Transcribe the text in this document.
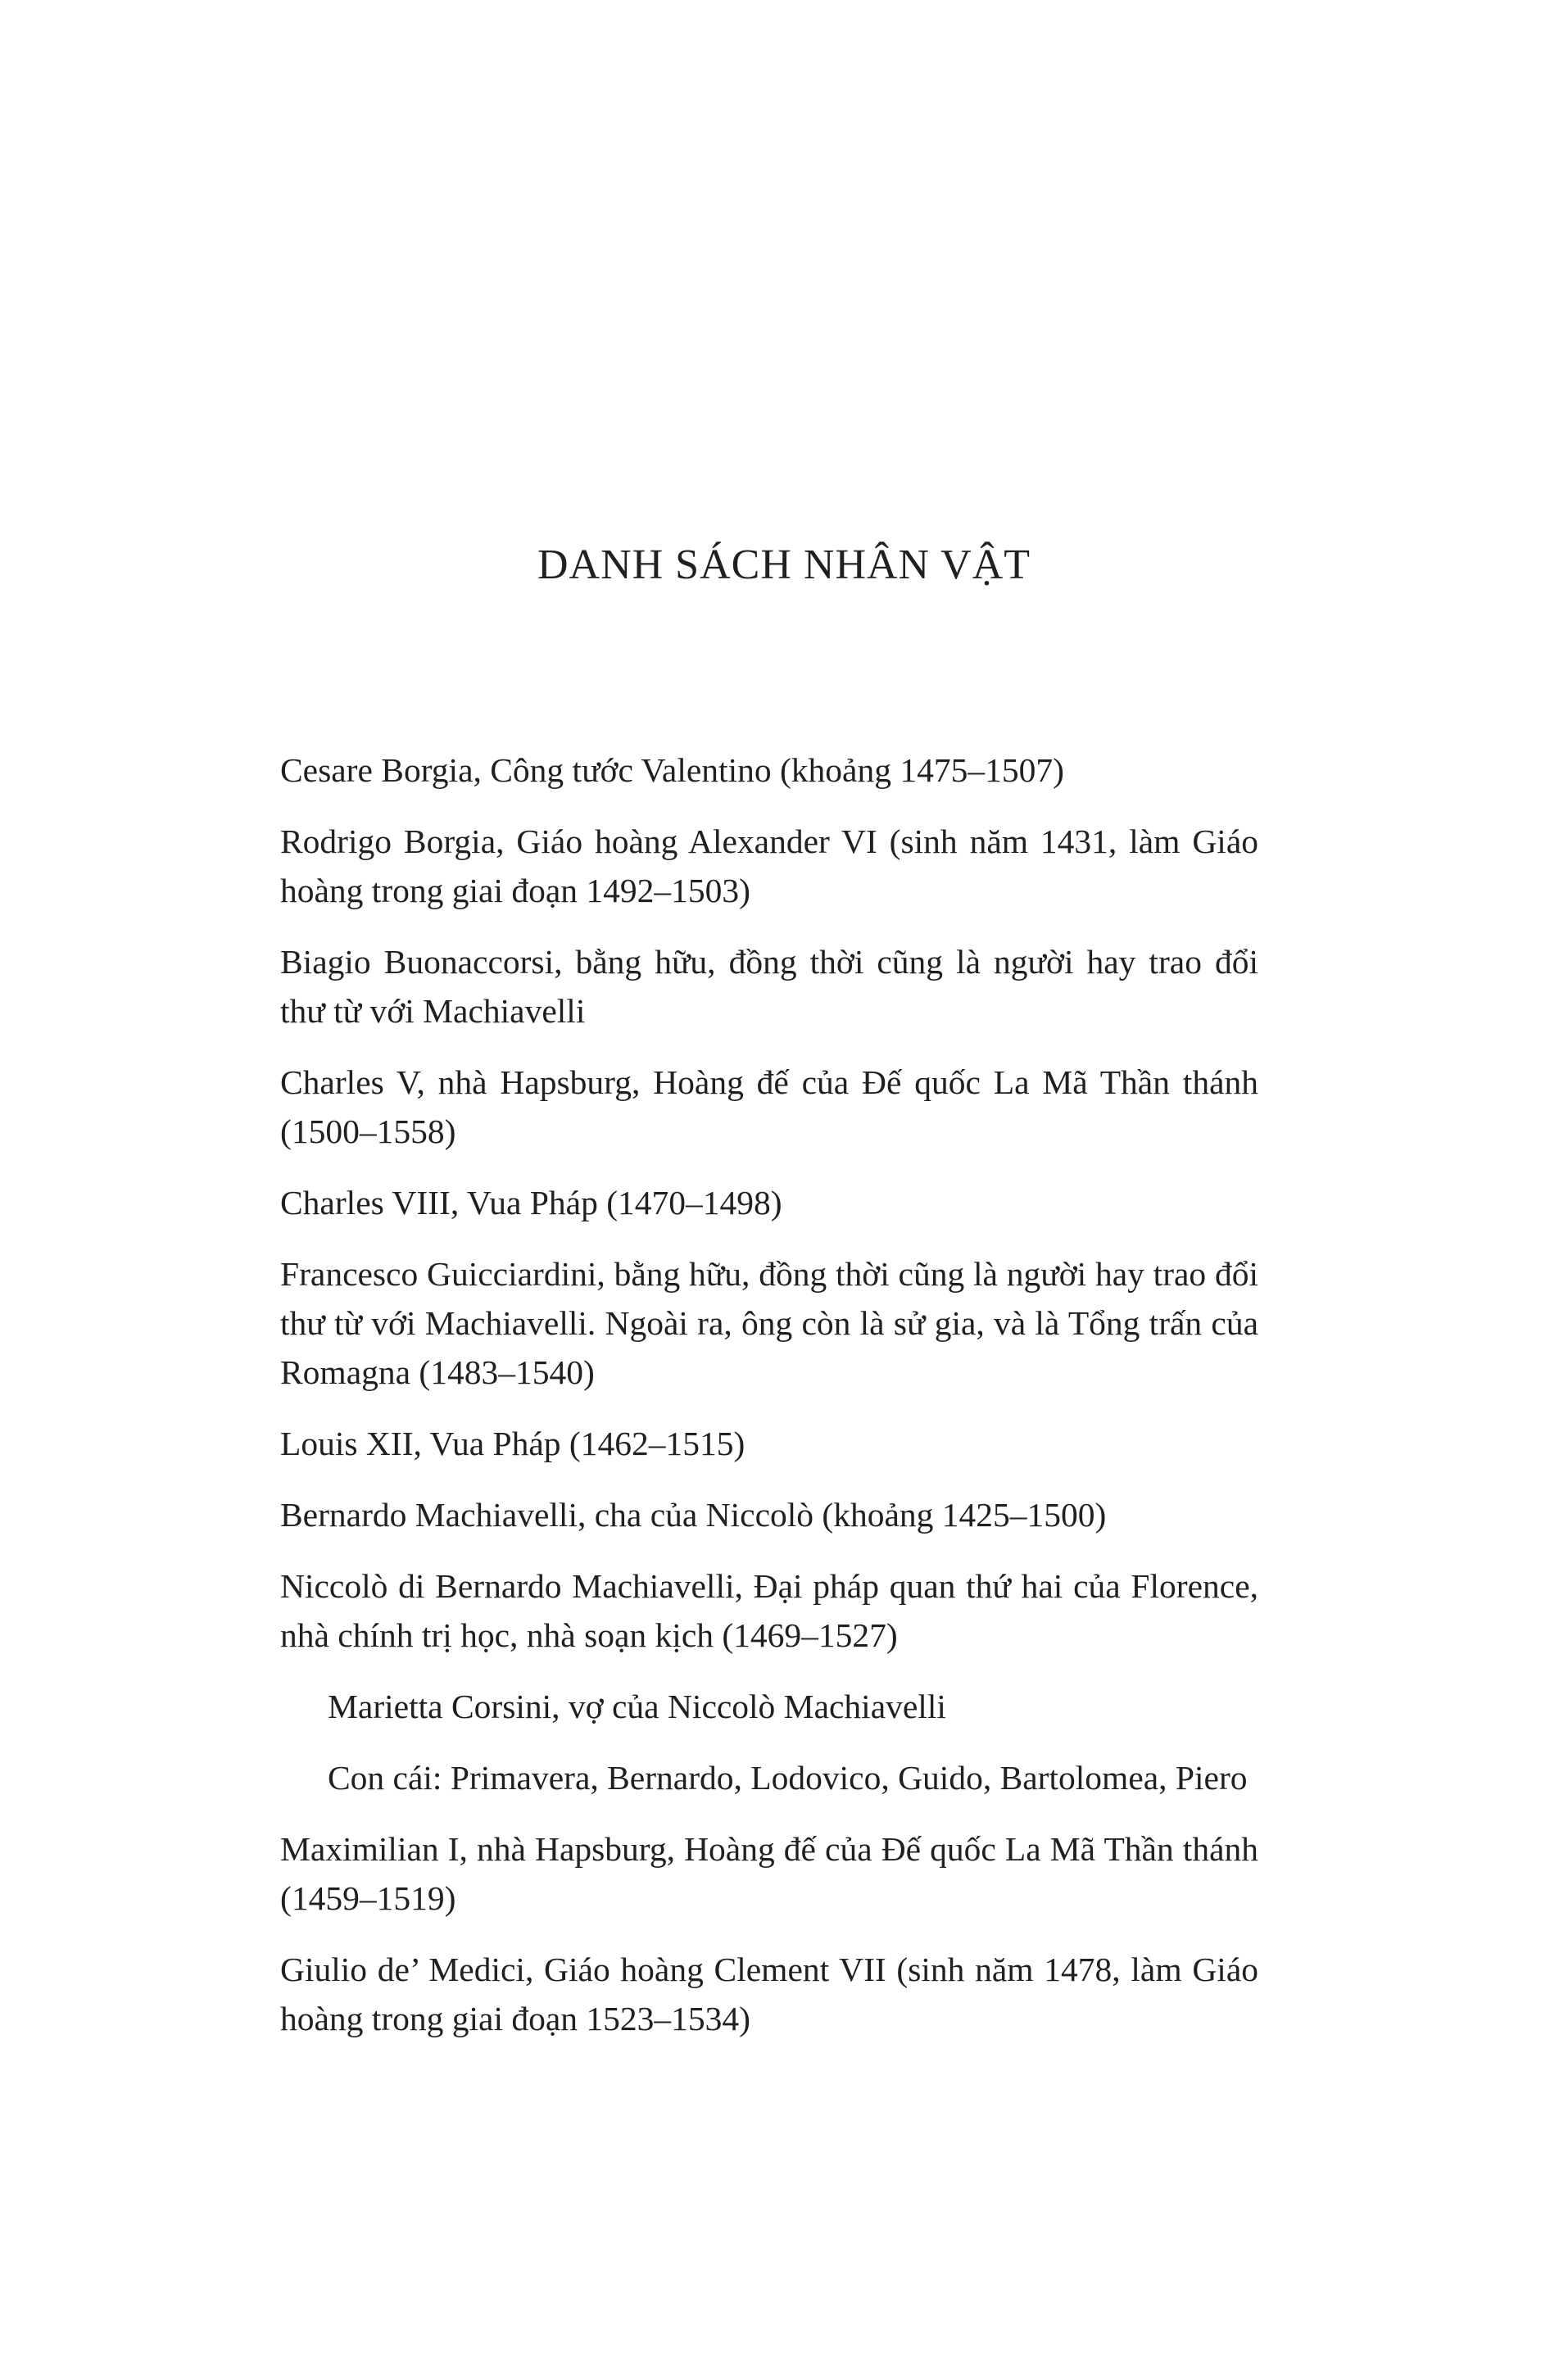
DANH SÁCH NHÂN VẬT

Cesare Borgia, Công tước Valentino (khoảng 1475–1507)

Rodrigo Borgia, Giáo hoàng Alexander VI (sinh năm 1431, làm Giáo hoàng trong giai đoạn 1492–1503)

Biagio Buonaccorsi, bằng hữu, đồng thời cũng là người hay trao đổi thư từ với Machiavelli

Charles V, nhà Hapsburg, Hoàng đế của Đế quốc La Mã Thần thánh (1500–1558)

Charles VIII, Vua Pháp (1470–1498)

Francesco Guicciardini, bằng hữu, đồng thời cũng là người hay trao đổi thư từ với Machiavelli. Ngoài ra, ông còn là sử gia, và là Tổng trấn của Romagna (1483–1540)

Louis XII, Vua Pháp (1462–1515)

Bernardo Machiavelli, cha của Niccolò (khoảng 1425–1500)

Niccolò di Bernardo Machiavelli, Đại pháp quan thứ hai của Florence, nhà chính trị học, nhà soạn kịch (1469–1527)

Marietta Corsini, vợ của Niccolò Machiavelli

Con cái: Primavera, Bernardo, Lodovico, Guido, Bartolomea, Piero

Maximilian I, nhà Hapsburg, Hoàng đế của Đế quốc La Mã Thần thánh (1459–1519)

Giulio de’ Medici, Giáo hoàng Clement VII (sinh năm 1478, làm Giáo hoàng trong giai đoạn 1523–1534)
